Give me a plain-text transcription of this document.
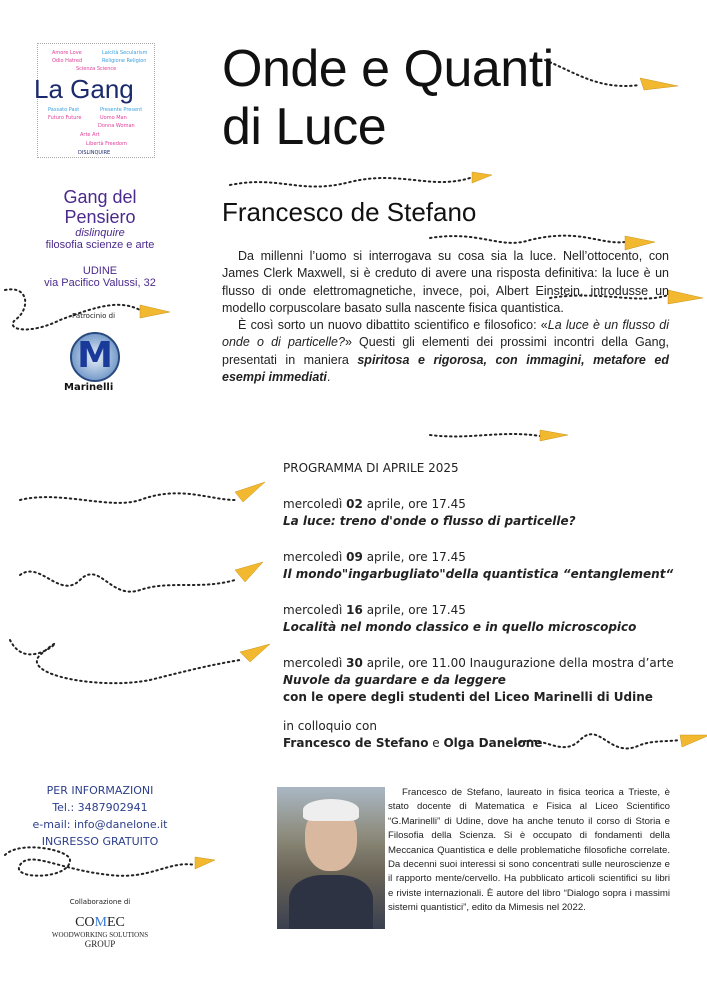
Amore Love	Laicità Secularism
Odio Hatred	Religione Religion
Scienza Science
La Gang
Passato Past	Presente Present
Futuro Future	Uomo Man
Donna Woman
Arte Art
Libertà Freedom
DISLINQUIRE
Gang del
Pensiero
dislinquire
filosofia scienze e arte
UDINE
via Pacifico Valussi, 32
Patrocinio di
M
Marinelli
Onde e Quanti
di Luce
Francesco de Stefano

Da millenni l’uomo si interrogava su cosa sia la luce. Nell’ottocento, con James Clerk Maxwell, si è creduto di avere una risposta definitiva: la luce è un flusso di onde elettromagnetiche, invece, poi, Albert Einstein, introdusse un modello corpuscolare basato sulla nascente fisica quantistica.

È così sorto un nuovo dibattito scientifico e filosofico: «La luce è un flusso di onde o di particelle?» Questi gli elementi dei prossimi incontri della Gang, presentati in maniera spiritosa e rigorosa, con immagini, metafore ed esempi immediati.

PROGRAMMA DI APRILE 2025
mercoledì 02 aprile, ore 17.45
La luce: treno d'onde o flusso di particelle?
mercoledì 09 aprile, ore 17.45
Il mondo"ingarbugliato"della quantistica “entanglement“
mercoledì 16 aprile, ore 17.45
Località nel mondo classico e in quello microscopico
mercoledì 30 aprile, ore 11.00 Inaugurazione della mostra d’arte
Nuvole da guardare e da leggere
con le opere degli studenti del Liceo Marinelli di Udine
in colloquio con
Francesco de Stefano e Olga Danelone
PER INFORMAZIONI
Tel.: 3487902941
e-mail: info@danelone.it
INGRESSO GRATUITO
Collaborazione di
COMEC
WOODWORKING SOLUTIONS
GROUP
Francesco de Stefano, laureato in fisica teorica a Trieste, è stato docente di Matematica e Fisica al Liceo Scientifico “G.Marinelli” di Udine, dove ha anche tenuto il corso di Storia e Filosofia della Scienza. Si è occupato di fondamenti della Meccanica Quantistica e delle problematiche filosofiche correlate. Da decenni suoi interessi si sono concentrati sulle neuroscienze e il rapporto mente/cervello. Ha pubblicato articoli scientifici su libri e riviste internazionali. È autore del libro “Dialogo sopra i massimi sistemi quantistici”, edito da Mimesis nel 2022.
